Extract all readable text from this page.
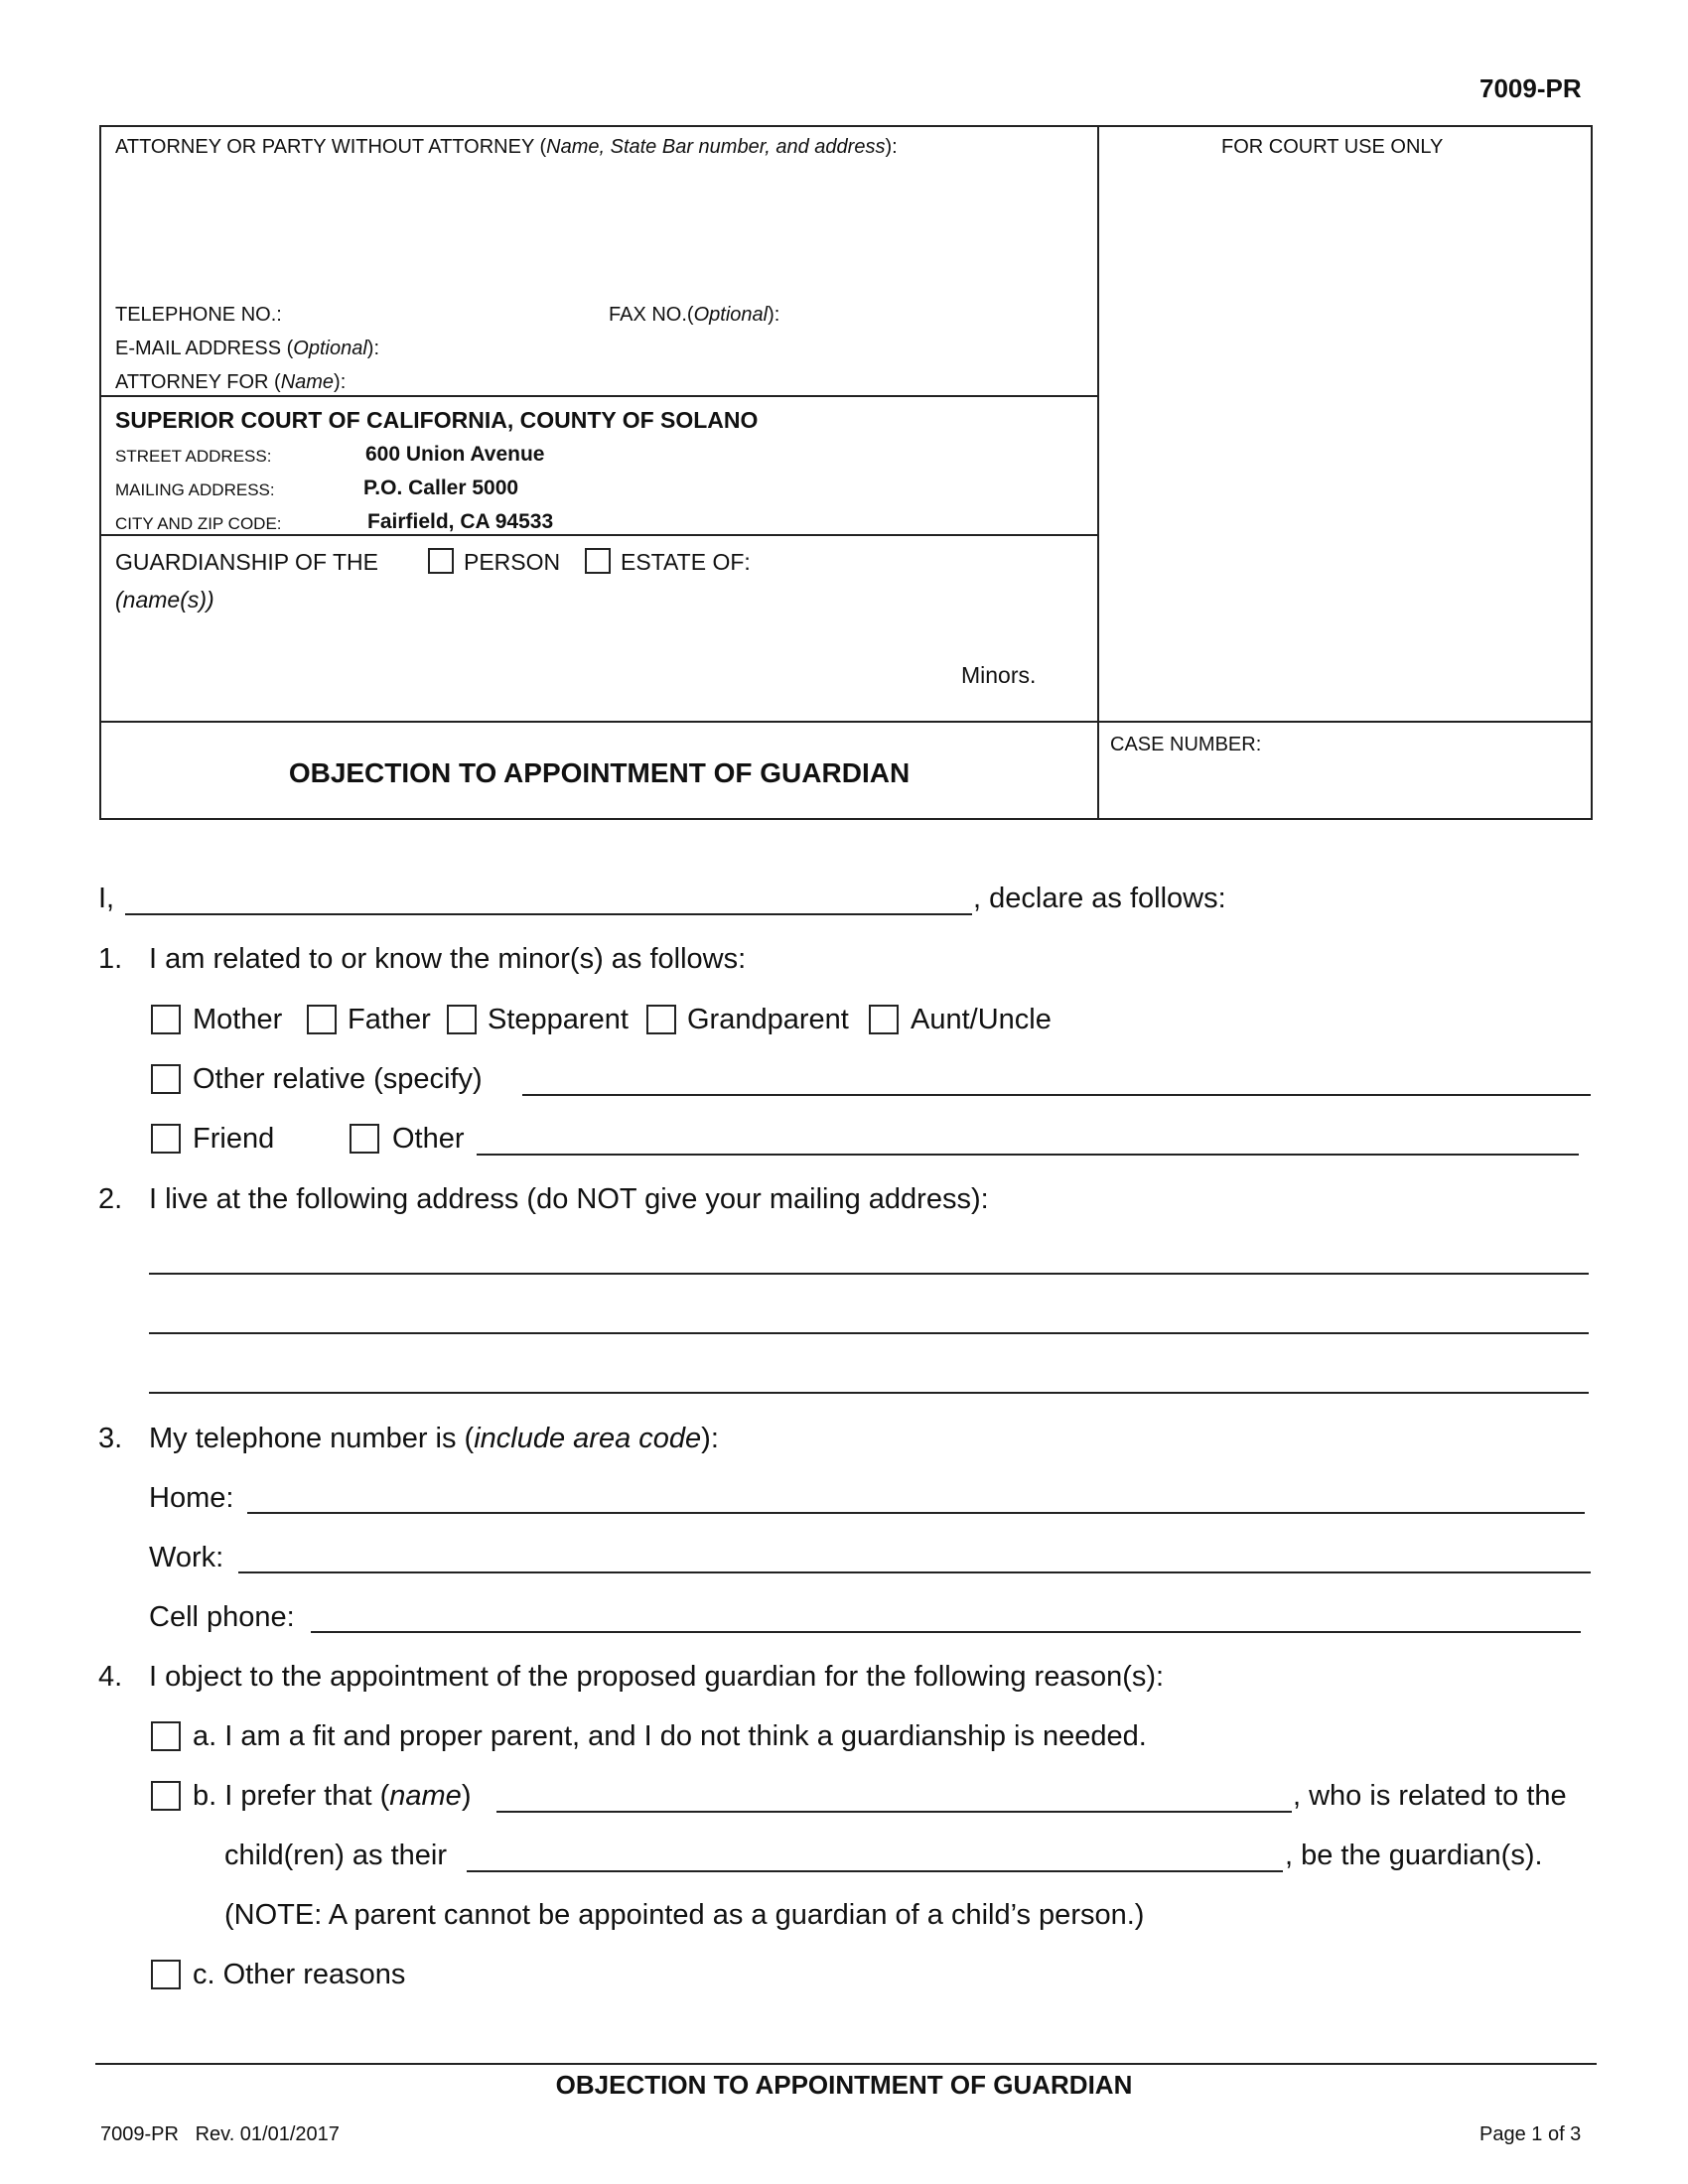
7009-PR
ATTORNEY OR PARTY WITHOUT ATTORNEY (Name, State Bar number, and address):	FOR COURT USE ONLY
TELEPHONE NO.:	FAX NO.(Optional):
E-MAIL ADDRESS (Optional):
ATTORNEY FOR (Name):
SUPERIOR COURT OF CALIFORNIA, COUNTY OF SOLANO
STREET ADDRESS:	600 Union Avenue
MAILING ADDRESS:	P.O. Caller 5000
CITY AND ZIP CODE:	Fairfield, CA 94533
GUARDIANSHIP OF THE	PERSON	ESTATE OF:
(name(s))
Minors.
OBJECTION TO APPOINTMENT OF GUARDIAN
CASE NUMBER:
I,	, declare as follows:
1. I am related to or know the minor(s) as follows:
Mother Father Stepparent Grandparent Aunt/Uncle
Other relative (specify)
Friend	Other
2. I live at the following address (do NOT give your mailing address):
3. My telephone number is (include area code):
Home:
Work:
Cell phone:
4. I object to the appointment of the proposed guardian for the following reason(s):
a. I am a fit and proper parent, and I do not think a guardianship is needed.
b. I prefer that (name)	, who is related to the
child(ren) as their	, be the guardian(s).
(NOTE: A parent cannot be appointed as a guardian of a child’s person.)
c. Other reasons
OBJECTION TO APPOINTMENT OF GUARDIAN
7009-PR   Rev. 01/01/2017	Page 1 of 3
